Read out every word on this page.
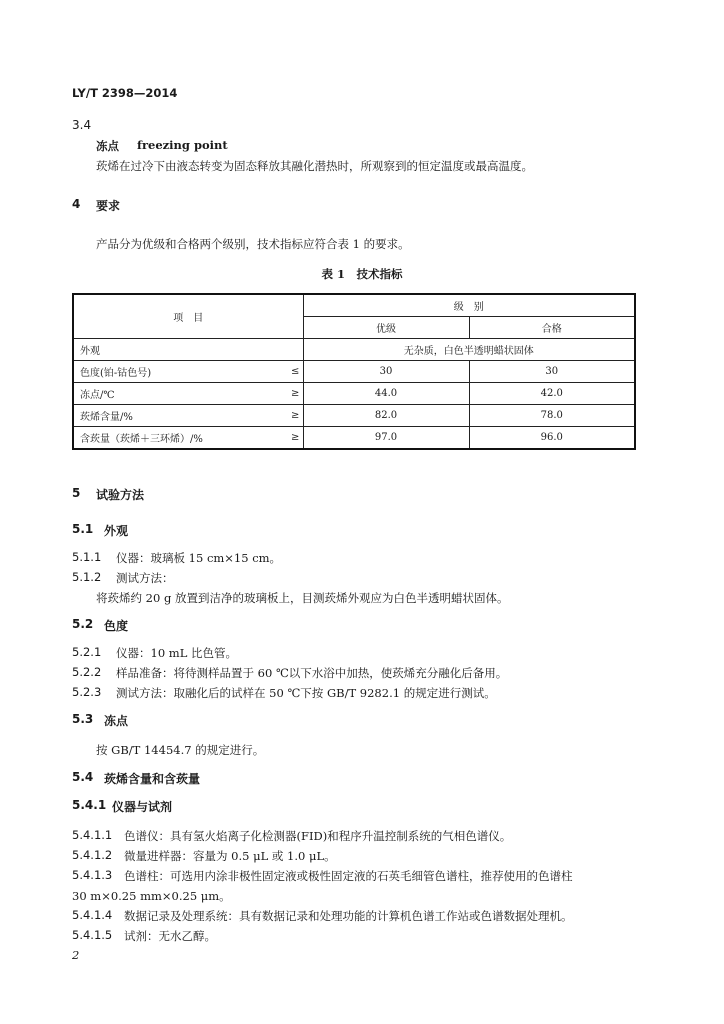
LY/T 2398—2014
3.4
冻点 freezing point
莰烯在过冷下由液态转变为固态释放其融化潜热时，所观察到的恒定温度或最高温度。
4 要求
产品分为优级和合格两个级别，技术指标应符合表 1 的要求。
表 1　技术指标
项　目		级　别	
		优级	合格
外观		无杂质，白色半透明蜡状固体	
色度(铂-钴色号)	≤	30	30
冻点/℃	≥	44.0	42.0
莰烯含量/%	≥	82.0	78.0
含莰量（莰烯＋三环烯）/%	≥	97.0	96.0
5 试验方法
5.1 外观
5.1.1 仪器：玻璃板 15 cm×15 cm。
5.1.2 测试方法：
将莰烯约 20 g 放置到洁净的玻璃板上，目测莰烯外观应为白色半透明蜡状固体。
5.2 色度
5.2.1 仪器：10 mL 比色管。
5.2.2 样品准备：将待测样品置于 60 ℃以下水浴中加热，使莰烯充分融化后备用。
5.2.3 测试方法：取融化后的试样在 50 ℃下按 GB/T 9282.1 的规定进行测试。
5.3 冻点
按 GB/T 14454.7 的规定进行。
5.4 莰烯含量和含莰量
5.4.1 仪器与试剂
5.4.1.1 色谱仪：具有氢火焰离子化检测器(FID)和程序升温控制系统的气相色谱仪。
5.4.1.2 微量进样器：容量为 0.5 μL 或 1.0 μL。
5.4.1.3 色谱柱：可选用内涂非极性固定液或极性固定液的石英毛细管色谱柱，推荐使用的色谱柱
30 m×0.25 mm×0.25 μm。
5.4.1.4 数据记录及处理系统：具有数据记录和处理功能的计算机色谱工作站或色谱数据处理机。
5.4.1.5 试剂：无水乙醇。
2
